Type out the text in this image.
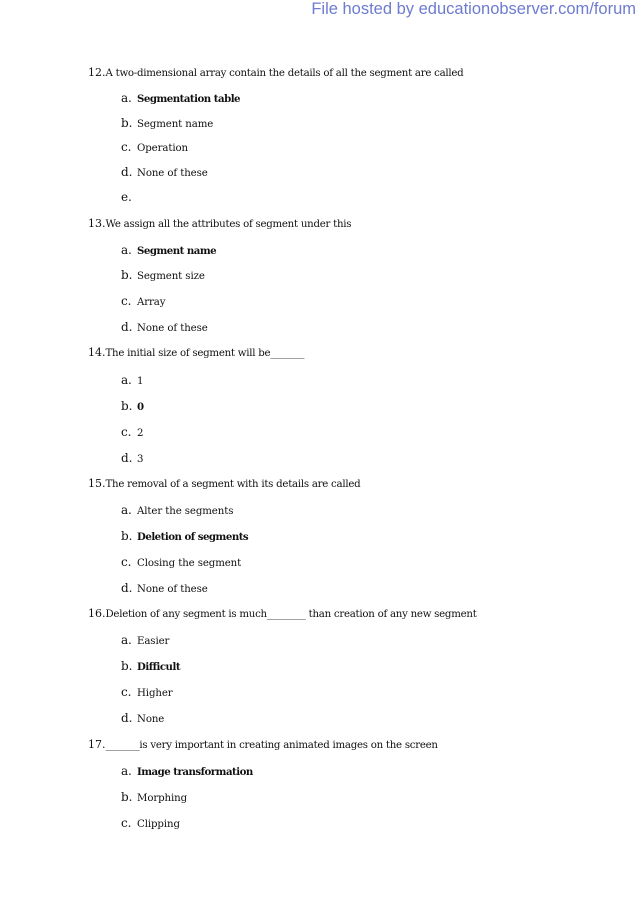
File hosted by educationobserver.com/forum
12.A two-dimensional array contain the details of all the segment are called
a. Segmentation table
b. Segment name
c. Operation
d. None of these
e.
13.We assign all the attributes of segment under this
a. Segment name
b. Segment size
c. Array
d. None of these
14.The initial size of segment will be_______
a. 1
b. 0
c. 2
d. 3
15.The removal of a segment with its details are called
a. Alter the segments
b. Deletion of segments
c. Closing the segment
d. None of these
16.Deletion of any segment is much________ than creation of any new segment
a. Easier
b. Difficult
c. Higher
d. None
17._______is very important in creating animated images on the screen
a. Image transformation
b. Morphing
c. Clipping
